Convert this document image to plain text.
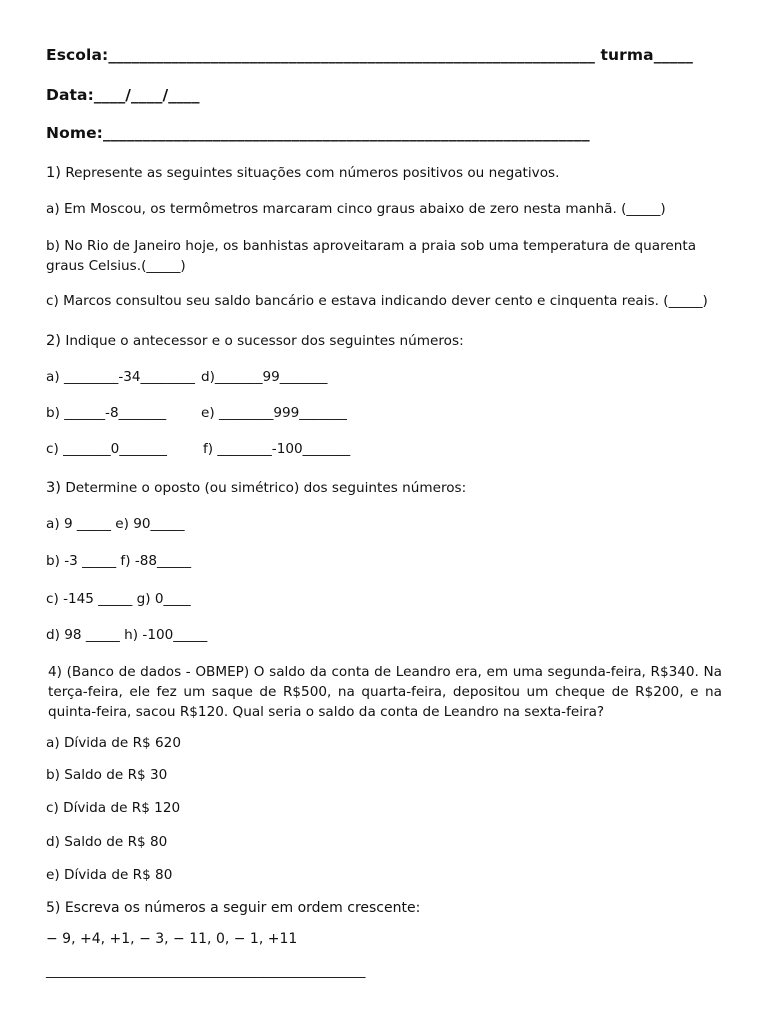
Escola:______________________________________________________________ turma_____
Data:____/____/____
Nome:______________________________________________________________
1) Represente as seguintes situações com números positivos ou negativos.
a) Em Moscou, os termômetros marcaram cinco graus abaixo de zero nesta manhã. (_____)
b) No Rio de Janeiro hoje, os banhistas aproveitaram a praia sob uma temperatura de quarenta
graus Celsius.(_____)
c) Marcos consultou seu saldo bancário e estava indicando dever cento e cinquenta reais. (_____)
2) Indique o antecessor e o sucessor dos seguintes números:
a) ________-34________ d)_______99_______
b) ______-8_______	e) ________999_______
c) _______0_______	f) ________-100_______
3) Determine o oposto (ou simétrico) dos seguintes números:
a) 9 _____ e) 90_____
b) -3 _____ f) -88_____
c) -145 _____ g) 0____
d) 98 _____ h) -100_____
4) (Banco de dados - OBMEP) O saldo da conta de Leandro era, em uma segunda-feira, R$340. Na terça-feira, ele fez um saque de R$500, na quarta-feira, depositou um cheque de R$200, e na quinta-feira, sacou R$120. Qual seria o saldo da conta de Leandro na sexta-feira?
a) Dívida de R$ 620
b) Saldo de R$ 30
c) Dívida de R$ 120
d) Saldo de R$ 80
e) Dívida de R$ 80
5) Escreva os números a seguir em ordem crescente:
− 9, +4, +1, − 3, − 11, 0, − 1, +11
_______________________________________________
